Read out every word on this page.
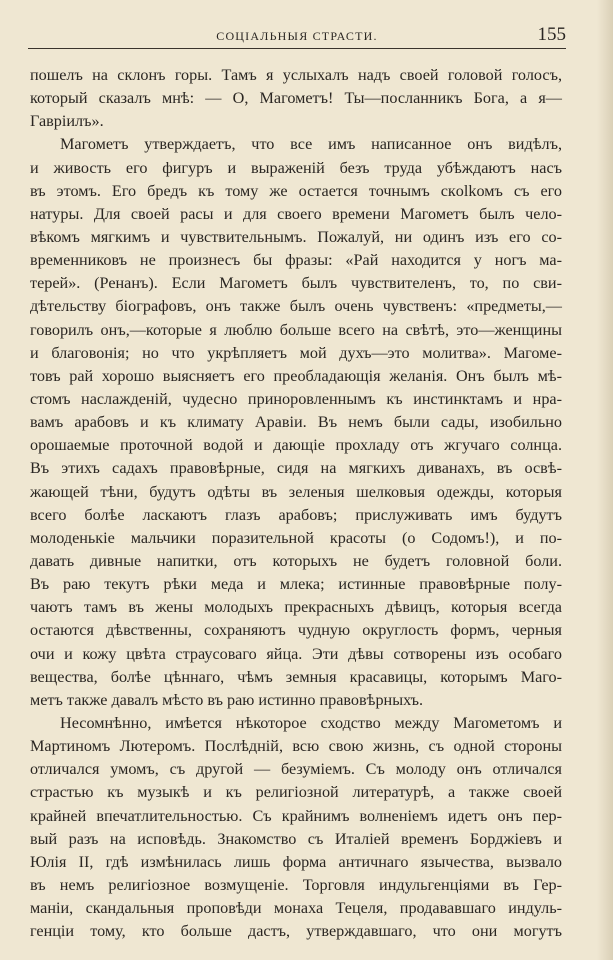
СОЦІАЛЬНЫЯ СТРАСТИ.	155
пошелъ на склонъ горы. Тамъ я услыхалъ надъ своей головой голосъ,
который сказалъ мнѣ: — О, Магометъ! Ты—посланникъ Бога, а я—
Гавріилъ».
Магометъ утверждаетъ, что все имъ написанное онъ видѣлъ,
и живость его фигуръ и выраженій безъ труда убѣждаютъ насъ
въ этомъ. Его бредъ къ тому же остается точнымъ скolkомъ съ его
натуры. Для своей расы и для своего времени Магометъ былъ чело-
вѣкомъ мягкимъ и чувствительнымъ. Пожалуй, ни одинъ изъ его со-
временниковъ не произнесъ бы фразы: «Рай находится у ногъ ма-
терей». (Ренанъ). Если Магометъ былъ чувствителенъ, то, по сви-
дѣтельству біографовъ, онъ также былъ очень чувственъ: «предметы,—
говорилъ онъ,—которые я люблю больше всего на свѣтѣ, это—женщины
и благовонія; но что укрѣпляетъ мой духъ—это молитва». Магоме-
товъ рай хорошо выясняетъ его преобладающія желанія. Онъ былъ мѣ-
стомъ наслажденій, чудесно приноровленнымъ къ инстинктамъ и нра-
вамъ арабовъ и къ климату Аравіи. Въ немъ были сады, изобильно
орошаемые проточной водой и дающіе прохладу отъ жгучаго солнца.
Въ этихъ садахъ правовѣрные, сидя на мягкихъ диванахъ, въ освѣ-
жающей тѣни, будутъ одѣты въ зеленыя шелковыя одежды, которыя
всего болѣе ласкаютъ глазъ арабовъ; прислуживать имъ будутъ
молоденькіе мальчики поразительной красоты (о Содомъ!), и по-
давать дивные напитки, отъ которыхъ не будетъ головной боли.
Въ раю текутъ рѣки меда и млека; истинные правовѣрные полу-
чаютъ тамъ въ жены молодыхъ прекрасныхъ дѣвицъ, которыя всегда
остаются дѣвственны, сохраняютъ чудную округлость формъ, черныя
очи и кожу цвѣта страусоваго яйца. Эти дѣвы сотворены изъ особаго
вещества, болѣе цѣннаго, чѣмъ земныя красавицы, которымъ Маго-
метъ также давалъ мѣсто въ раю истинно правовѣрныхъ.
Несомнѣнно, имѣется нѣкоторое сходство между Магометомъ и
Мартиномъ Лютеромъ. Послѣдній, всю свою жизнь, съ одной стороны
отличался умомъ, съ другой — безуміемъ. Съ молоду онъ отличался
страстью къ музыкѣ и къ религіозной литературѣ, а также своей
крайней впечатлительностью. Съ крайнимъ волненіемъ идетъ онъ пер-
вый разъ на исповѣдь. Знакомство съ Италіей временъ Борджіевъ и
Юлія II, гдѣ измѣнилась лишь форма античнаго язычества, вызвало
въ немъ религіозное возмущеніе. Торговля индульгенціями въ Гер-
маніи, скандальныя проповѣди монаха Тецеля, продававшаго индуль-
генціи тому, кто больше дастъ, утверждавшаго, что они могутъ
